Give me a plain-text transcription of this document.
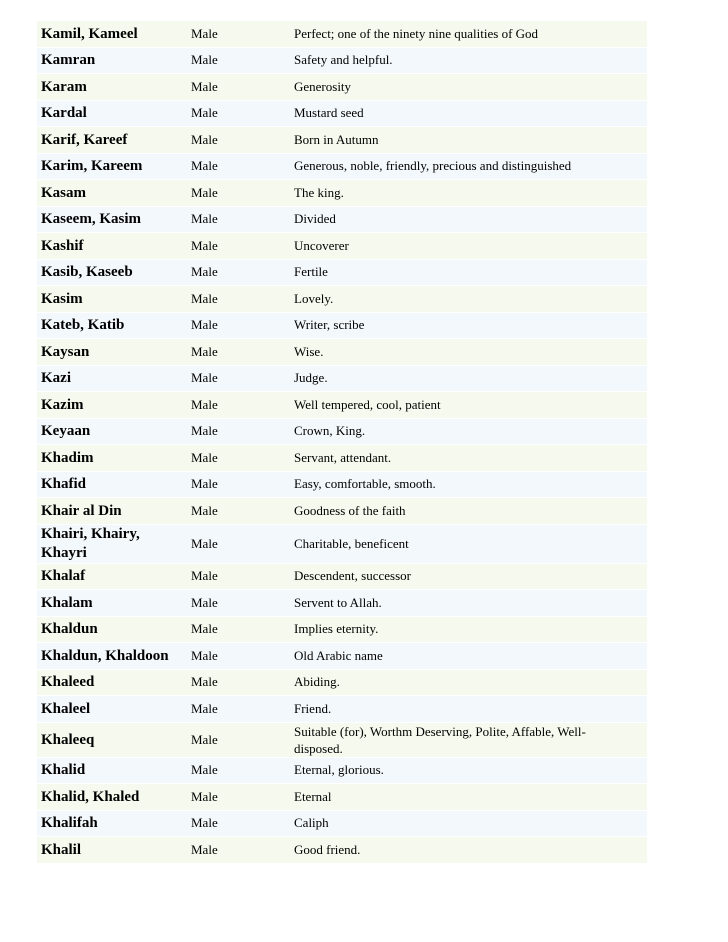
Kamil, Kameel	Male	Perfect; one of the ninety nine qualities of God
Kamran	Male	Safety and helpful.
Karam	Male	Generosity
Kardal	Male	Mustard seed
Karif, Kareef	Male	Born in Autumn
Karim, Kareem	Male	Generous, noble, friendly, precious and distinguished
Kasam	Male	The king.
Kaseem, Kasim	Male	Divided
Kashif	Male	Uncoverer
Kasib, Kaseeb	Male	Fertile
Kasim	Male	Lovely.
Kateb, Katib	Male	Writer, scribe
Kaysan	Male	Wise.
Kazi	Male	Judge.
Kazim	Male	Well tempered, cool, patient
Keyaan	Male	Crown, King.
Khadim	Male	Servant, attendant.
Khafid	Male	Easy, comfortable, smooth.
Khair al Din	Male	Goodness of the faith
Khairi, Khairy, Khayri	Male	Charitable, beneficent
Khalaf	Male	Descendent, successor
Khalam	Male	Servent to Allah.
Khaldun	Male	Implies eternity.
Khaldun, Khaldoon	Male	Old Arabic name
Khaleed	Male	Abiding.
Khaleel	Male	Friend.
Khaleeq	Male	Suitable (for), Worthm Deserving, Polite, Affable, Well-disposed.
Khalid	Male	Eternal, glorious.
Khalid, Khaled	Male	Eternal
Khalifah	Male	Caliph
Khalil	Male	Good friend.
